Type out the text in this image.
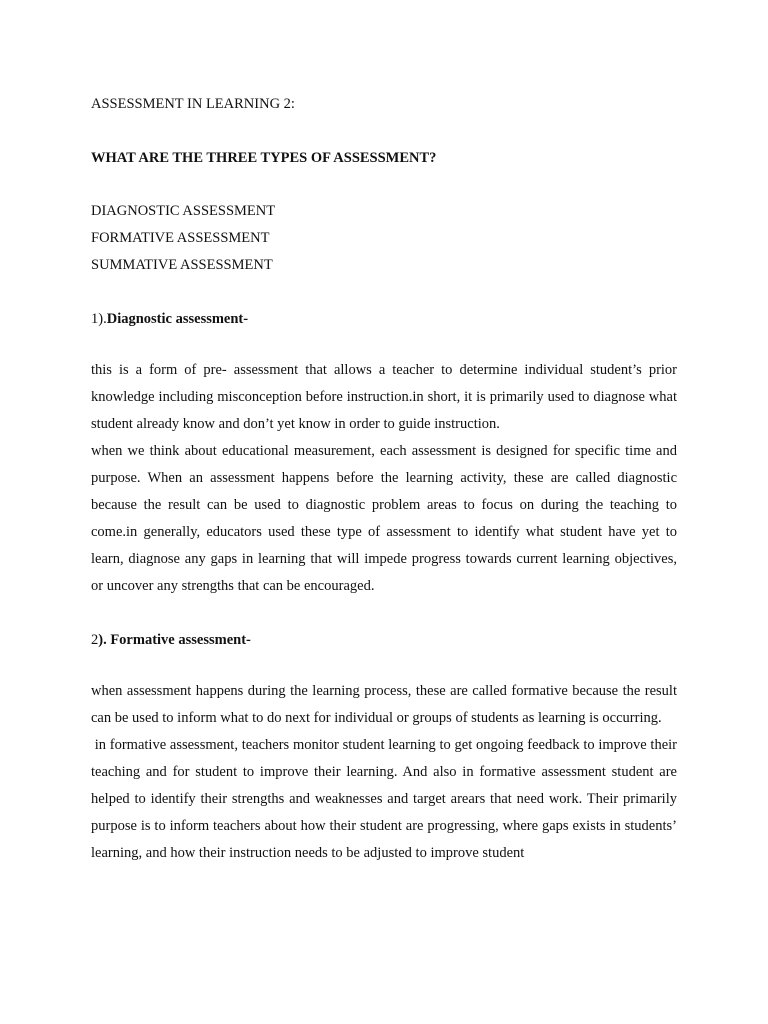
ASSESSMENT IN LEARNING 2:
WHAT ARE THE THREE TYPES OF ASSESSMENT?
DIAGNOSTIC ASSESSMENT
FORMATIVE ASSESSMENT
SUMMATIVE ASSESSMENT
1).Diagnostic assessment-

this is a form of pre- assessment that allows a teacher to determine individual student’s prior knowledge including misconception before instruction.in short, it is primarily used to diagnose what student already know and don’t yet know in order to guide instruction.

when we think about educational measurement, each assessment is designed for specific time and purpose. When an assessment happens before the learning activity, these are called diagnostic because the result can be used to diagnostic problem areas to focus on during the teaching to come.in generally, educators used these type of assessment to identify what student have yet to learn, diagnose any gaps in learning that will impede progress towards current learning objectives, or uncover any strengths that can be encouraged.

2). Formative assessment-

when assessment happens during the learning process, these are called formative because the result can be used to inform what to do next for individual or groups of students as learning is occurring.

in formative assessment, teachers monitor student learning to get ongoing feedback to improve their teaching and for student to improve their learning. And also in formative assessment student are helped to identify their strengths and weaknesses and target arears that need work. Their primarily purpose is to inform teachers about how their student are progressing, where gaps exists in students’ learning, and how their instruction needs to be adjusted to improve student
